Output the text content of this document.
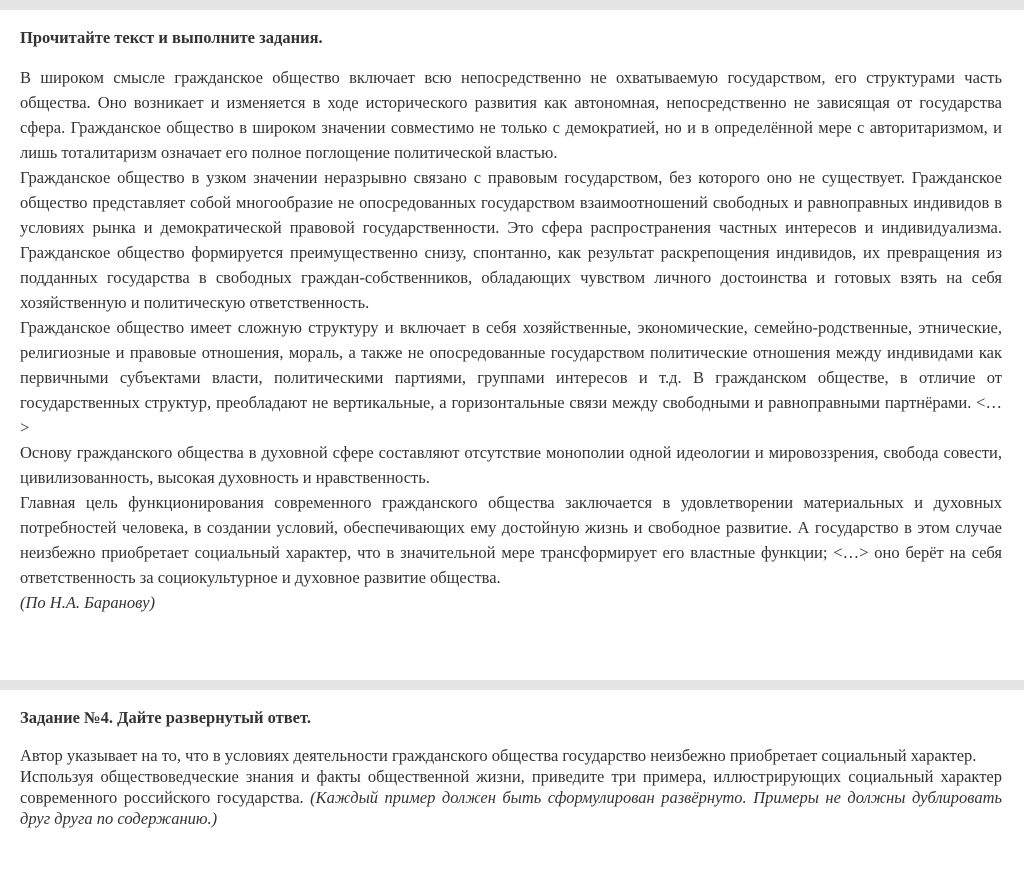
Прочитайте текст и выполните задания.

В широком смысле гражданское общество включает всю непосредственно не охватываемую государством, его структурами часть общества. Оно возникает и изменяется в ходе исторического развития как автономная, непосредственно не зависящая от государства сфера. Гражданское общество в широком значении совместимо не только с демократией, но и в определённой мере с авторитаризмом, и лишь тоталитаризм означает его полное поглощение политической властью.

Гражданское общество в узком значении неразрывно связано с правовым государством, без которого оно не существует. Гражданское общество представляет собой многообразие не опосредованных государством взаимоотношений свободных и равноправных индивидов в условиях рынка и демократической правовой государственности. Это сфера распространения частных интересов и индивидуализма. Гражданское общество формируется преимущественно снизу, спонтанно, как результат раскрепощения индивидов, их превращения из подданных государства в свободных граждан-собственников, обладающих чувством личного достоинства и готовых взять на себя хозяйственную и политическую ответственность.

Гражданское общество имеет сложную структуру и включает в себя хозяйственные, экономические, семейно-родственные, этнические, религиозные и правовые отношения, мораль, а также не опосредованные государством политические отношения между индивидами как первичными субъектами власти, политическими партиями, группами интересов и т.д. В гражданском обществе, в отличие от государственных структур, преобладают не вертикальные, а горизонтальные связи между свободными и равноправными партнёрами. <…>

Основу гражданского общества в духовной сфере составляют отсутствие монополии одной идеологии и мировоззрения, свобода совести, цивилизованность, высокая духовность и нравственность.

Главная цель функционирования современного гражданского общества заключается в удовлетворении материальных и духовных потребностей человека, в создании условий, обеспечивающих ему достойную жизнь и свободное развитие. А государство в этом случае неизбежно приобретает социальный характер, что в значительной мере трансформирует его властные функции; <…> оно берёт на себя ответственность за социокультурное и духовное развитие общества.

(По Н.А. Баранову)

Задание №4. Дайте развернутый ответ.

Автор указывает на то, что в условиях деятельности гражданского общества государство неизбежно приобретает социальный характер.

Используя обществоведческие знания и факты общественной жизни, приведите три примера, иллюстрирующих социальный характер современного российского государства. (Каждый пример должен быть сформулирован развёрнуто. Примеры не должны дублировать друг друга по содержанию.)
